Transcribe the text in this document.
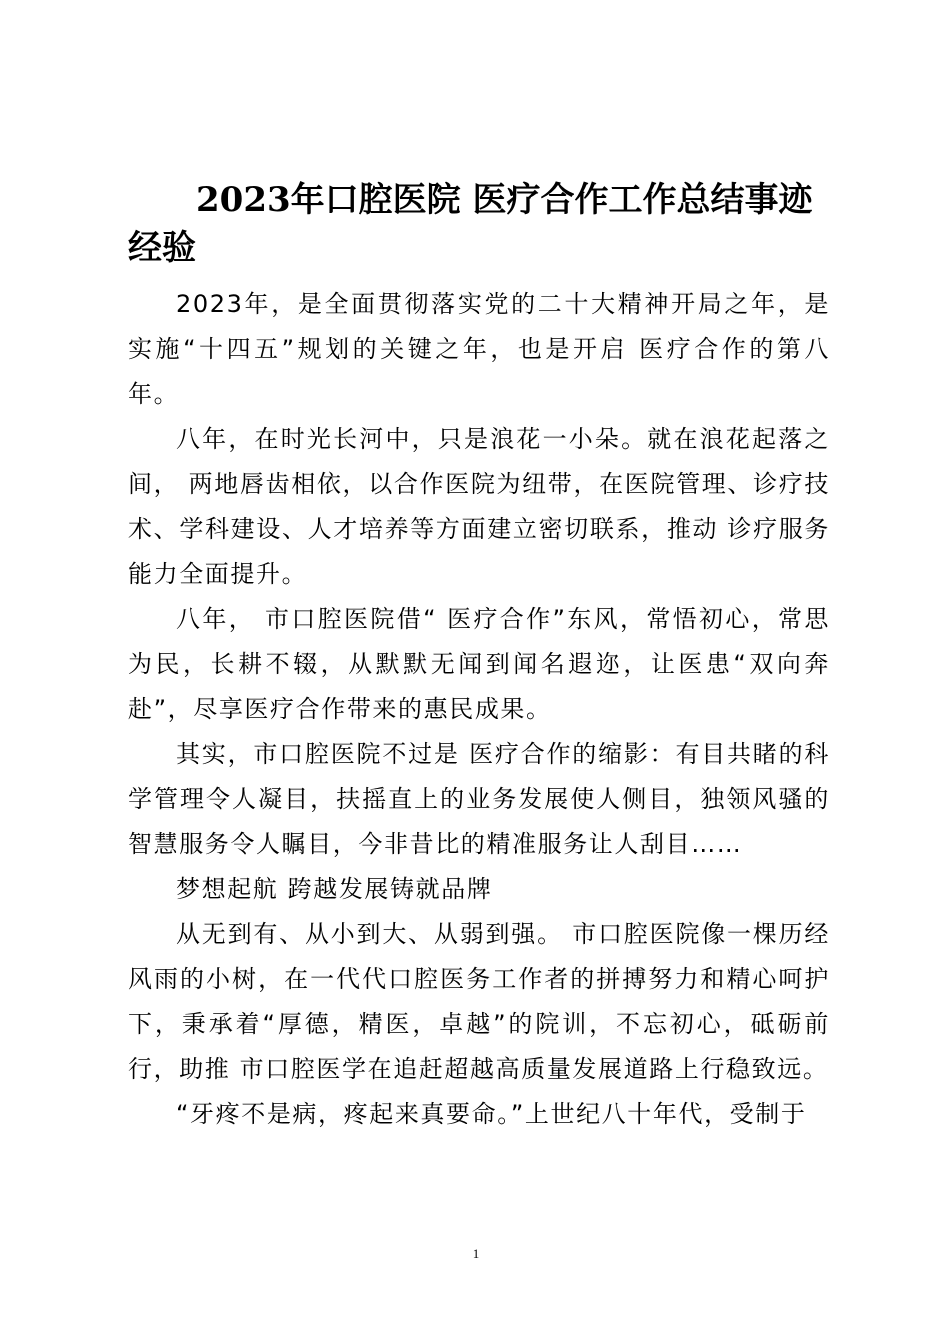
2023年口腔医院 医疗合作工作总结事迹经验

2023年，是全面贯彻落实党的二十大精神开局之年，是实施“十四五”规划的关键之年，也是开启 医疗合作的第八年。

八年，在时光长河中，只是浪花一小朵。就在浪花起落之间， 两地唇齿相依，以合作医院为纽带，在医院管理、诊疗技术、学科建设、人才培养等方面建立密切联系，推动 诊疗服务能力全面提升。

八年， 市口腔医院借“ 医疗合作”东风，常悟初心，常思为民，长耕不辍，从默默无闻到闻名遐迩，让医患“双向奔赴”，尽享医疗合作带来的惠民成果。

其实，市口腔医院不过是 医疗合作的缩影：有目共睹的科学管理令人凝目，扶摇直上的业务发展使人侧目，独领风骚的智慧服务令人瞩目，今非昔比的精准服务让人刮目……

梦想起航 跨越发展铸就品牌

从无到有、从小到大、从弱到强。 市口腔医院像一棵历经风雨的小树，在一代代口腔医务工作者的拼搏努力和精心呵护下，秉承着“厚德，精医，卓越”的院训，不忘初心，砥砺前行，助推 市口腔医学在追赶超越高质量发展道路上行稳致远。

“牙疼不是病，疼起来真要命。”上世纪八十年代，受制于

1
